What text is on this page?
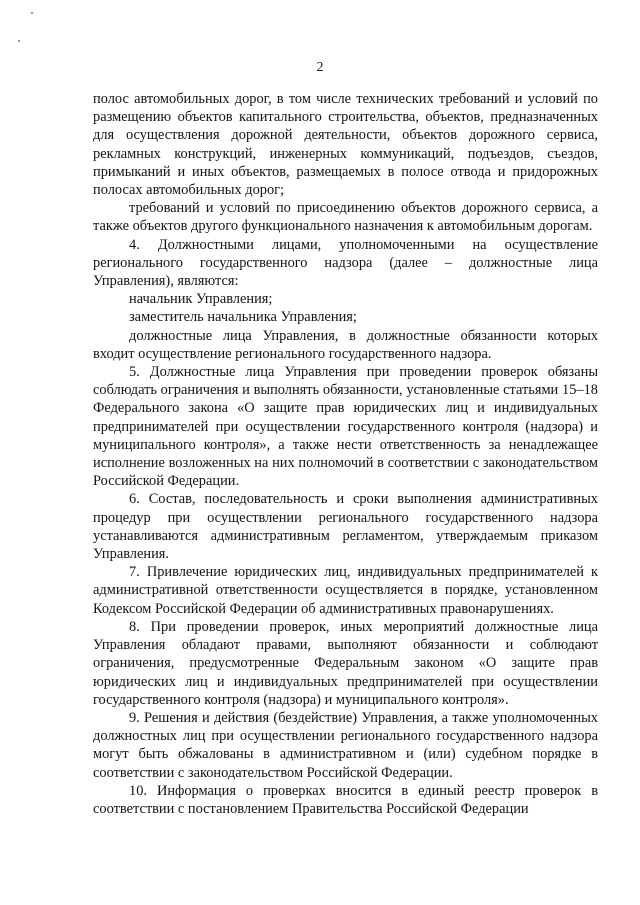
2

полос автомобильных дорог, в том числе технических требований и условий по размещению объектов капитального строительства, объектов, предназначенных для осуществления дорожной деятельности, объектов дорожного сервиса, рекламных конструкций, инженерных коммуникаций, подъездов, съездов, примыканий и иных объектов, размещаемых в полосе отвода и придорожных полосах автомобильных дорог;

требований и условий по присоединению объектов дорожного сервиса, а также объектов другого функционального назначения к автомобильным дорогам.

4. Должностными лицами, уполномоченными на осуществление регионального государственного надзора (далее – должностные лица Управления), являются:

начальник Управления;

заместитель начальника Управления;

должностные лица Управления, в должностные обязанности которых входит осуществление регионального государственного надзора.

5. Должностные лица Управления при проведении проверок обязаны соблюдать ограничения и выполнять обязанности, установленные статьями 15–18 Федерального закона «О защите прав юридических лиц и индивидуальных предпринимателей при осуществлении государственного контроля (надзора) и муниципального контроля», а также нести ответственность за ненадлежащее исполнение возложенных на них полномочий в соответствии с законодательством Российской Федерации.

6. Состав, последовательность и сроки выполнения административных процедур при осуществлении регионального государственного надзора устанавливаются административным регламентом, утверждаемым приказом Управления.

7. Привлечение юридических лиц, индивидуальных предпринимателей к административной ответственности осуществляется в порядке, установленном Кодексом Российской Федерации об административных правонарушениях.

8. При проведении проверок, иных мероприятий должностные лица Управления обладают правами, выполняют обязанности и соблюдают ограничения, предусмотренные Федеральным законом «О защите прав юридических лиц и индивидуальных предпринимателей при осуществлении государственного контроля (надзора) и муниципального контроля».

9. Решения и действия (бездействие) Управления, а также уполномоченных должностных лиц при осуществлении регионального государственного надзора могут быть обжалованы в административном и (или) судебном порядке в соответствии с законодательством Российской Федерации.

10. Информация о проверках вносится в единый реестр проверок в соответствии с постановлением Правительства Российской Федерации
